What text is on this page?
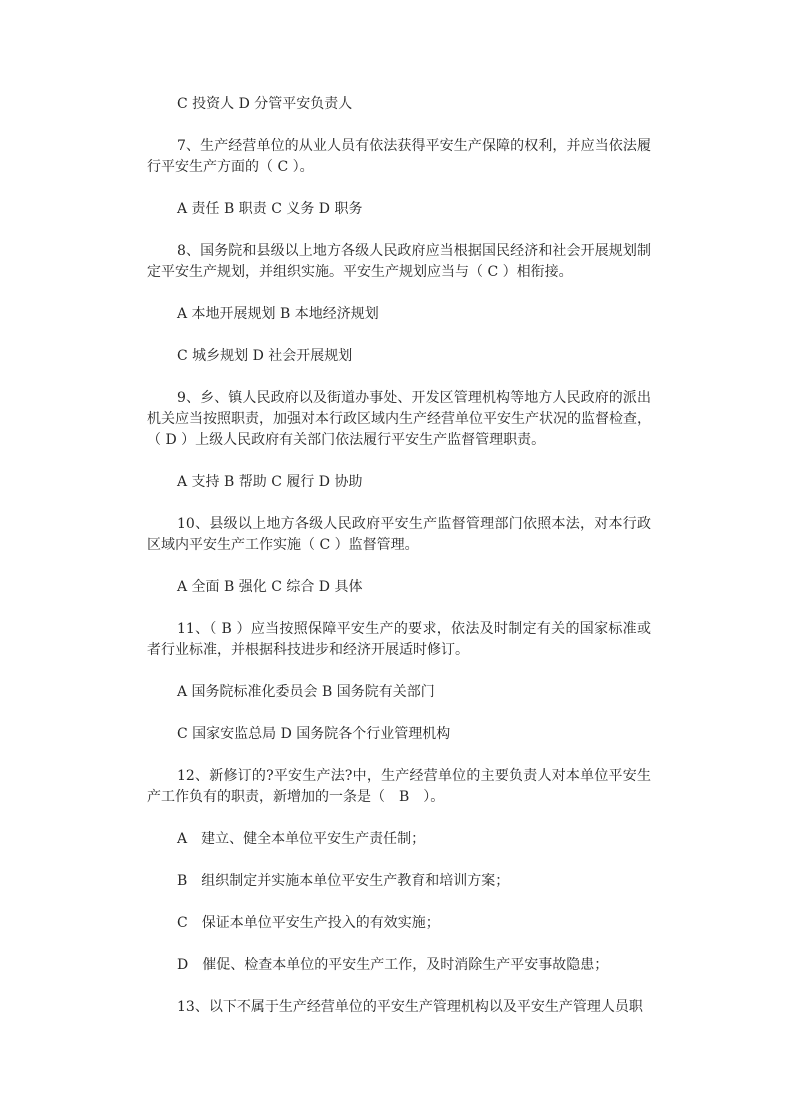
C 投资人 D 分管平安负责人

7、生产经营单位的从业人员有依法获得平安生产保障的权利，并应当依法履行平安生产方面的（ C ）。

A 责任 B 职责 C 义务 D 职务

8、国务院和县级以上地方各级人民政府应当根据国民经济和社会开展规划制定平安生产规划，并组织实施。平安生产规划应当与（ C ）相衔接。

A 本地开展规划 B 本地经济规划

C 城乡规划 D 社会开展规划

9、乡、镇人民政府以及街道办事处、开发区管理机构等地方人民政府的派出机关应当按照职责，加强对本行政区域内生产经营单位平安生产状况的监督检查，（ D ）上级人民政府有关部门依法履行平安生产监督管理职责。

A 支持 B 帮助 C 履行 D 协助

10、县级以上地方各级人民政府平安生产监督管理部门依照本法，对本行政区域内平安生产工作实施（ C ）监督管理。

A 全面 B 强化 C 综合 D 具体

11、（ B ）应当按照保障平安生产的要求，依法及时制定有关的国家标准或者行业标准，并根据科技进步和经济开展适时修订。

A 国务院标准化委员会 B 国务院有关部门

C 国家安监总局 D 国务院各个行业管理机构

12、新修订的?平安生产法?中，生产经营单位的主要负责人对本单位平安生产工作负有的职责，新增加的一条是（　B　）。

A　建立、健全本单位平安生产责任制；

B　组织制定并实施本单位平安生产教育和培训方案；

C　保证本单位平安生产投入的有效实施；

D　催促、检查本单位的平安生产工作，及时消除生产平安事故隐患；

13、以下不属于生产经营单位的平安生产管理机构以及平安生产管理人员职
